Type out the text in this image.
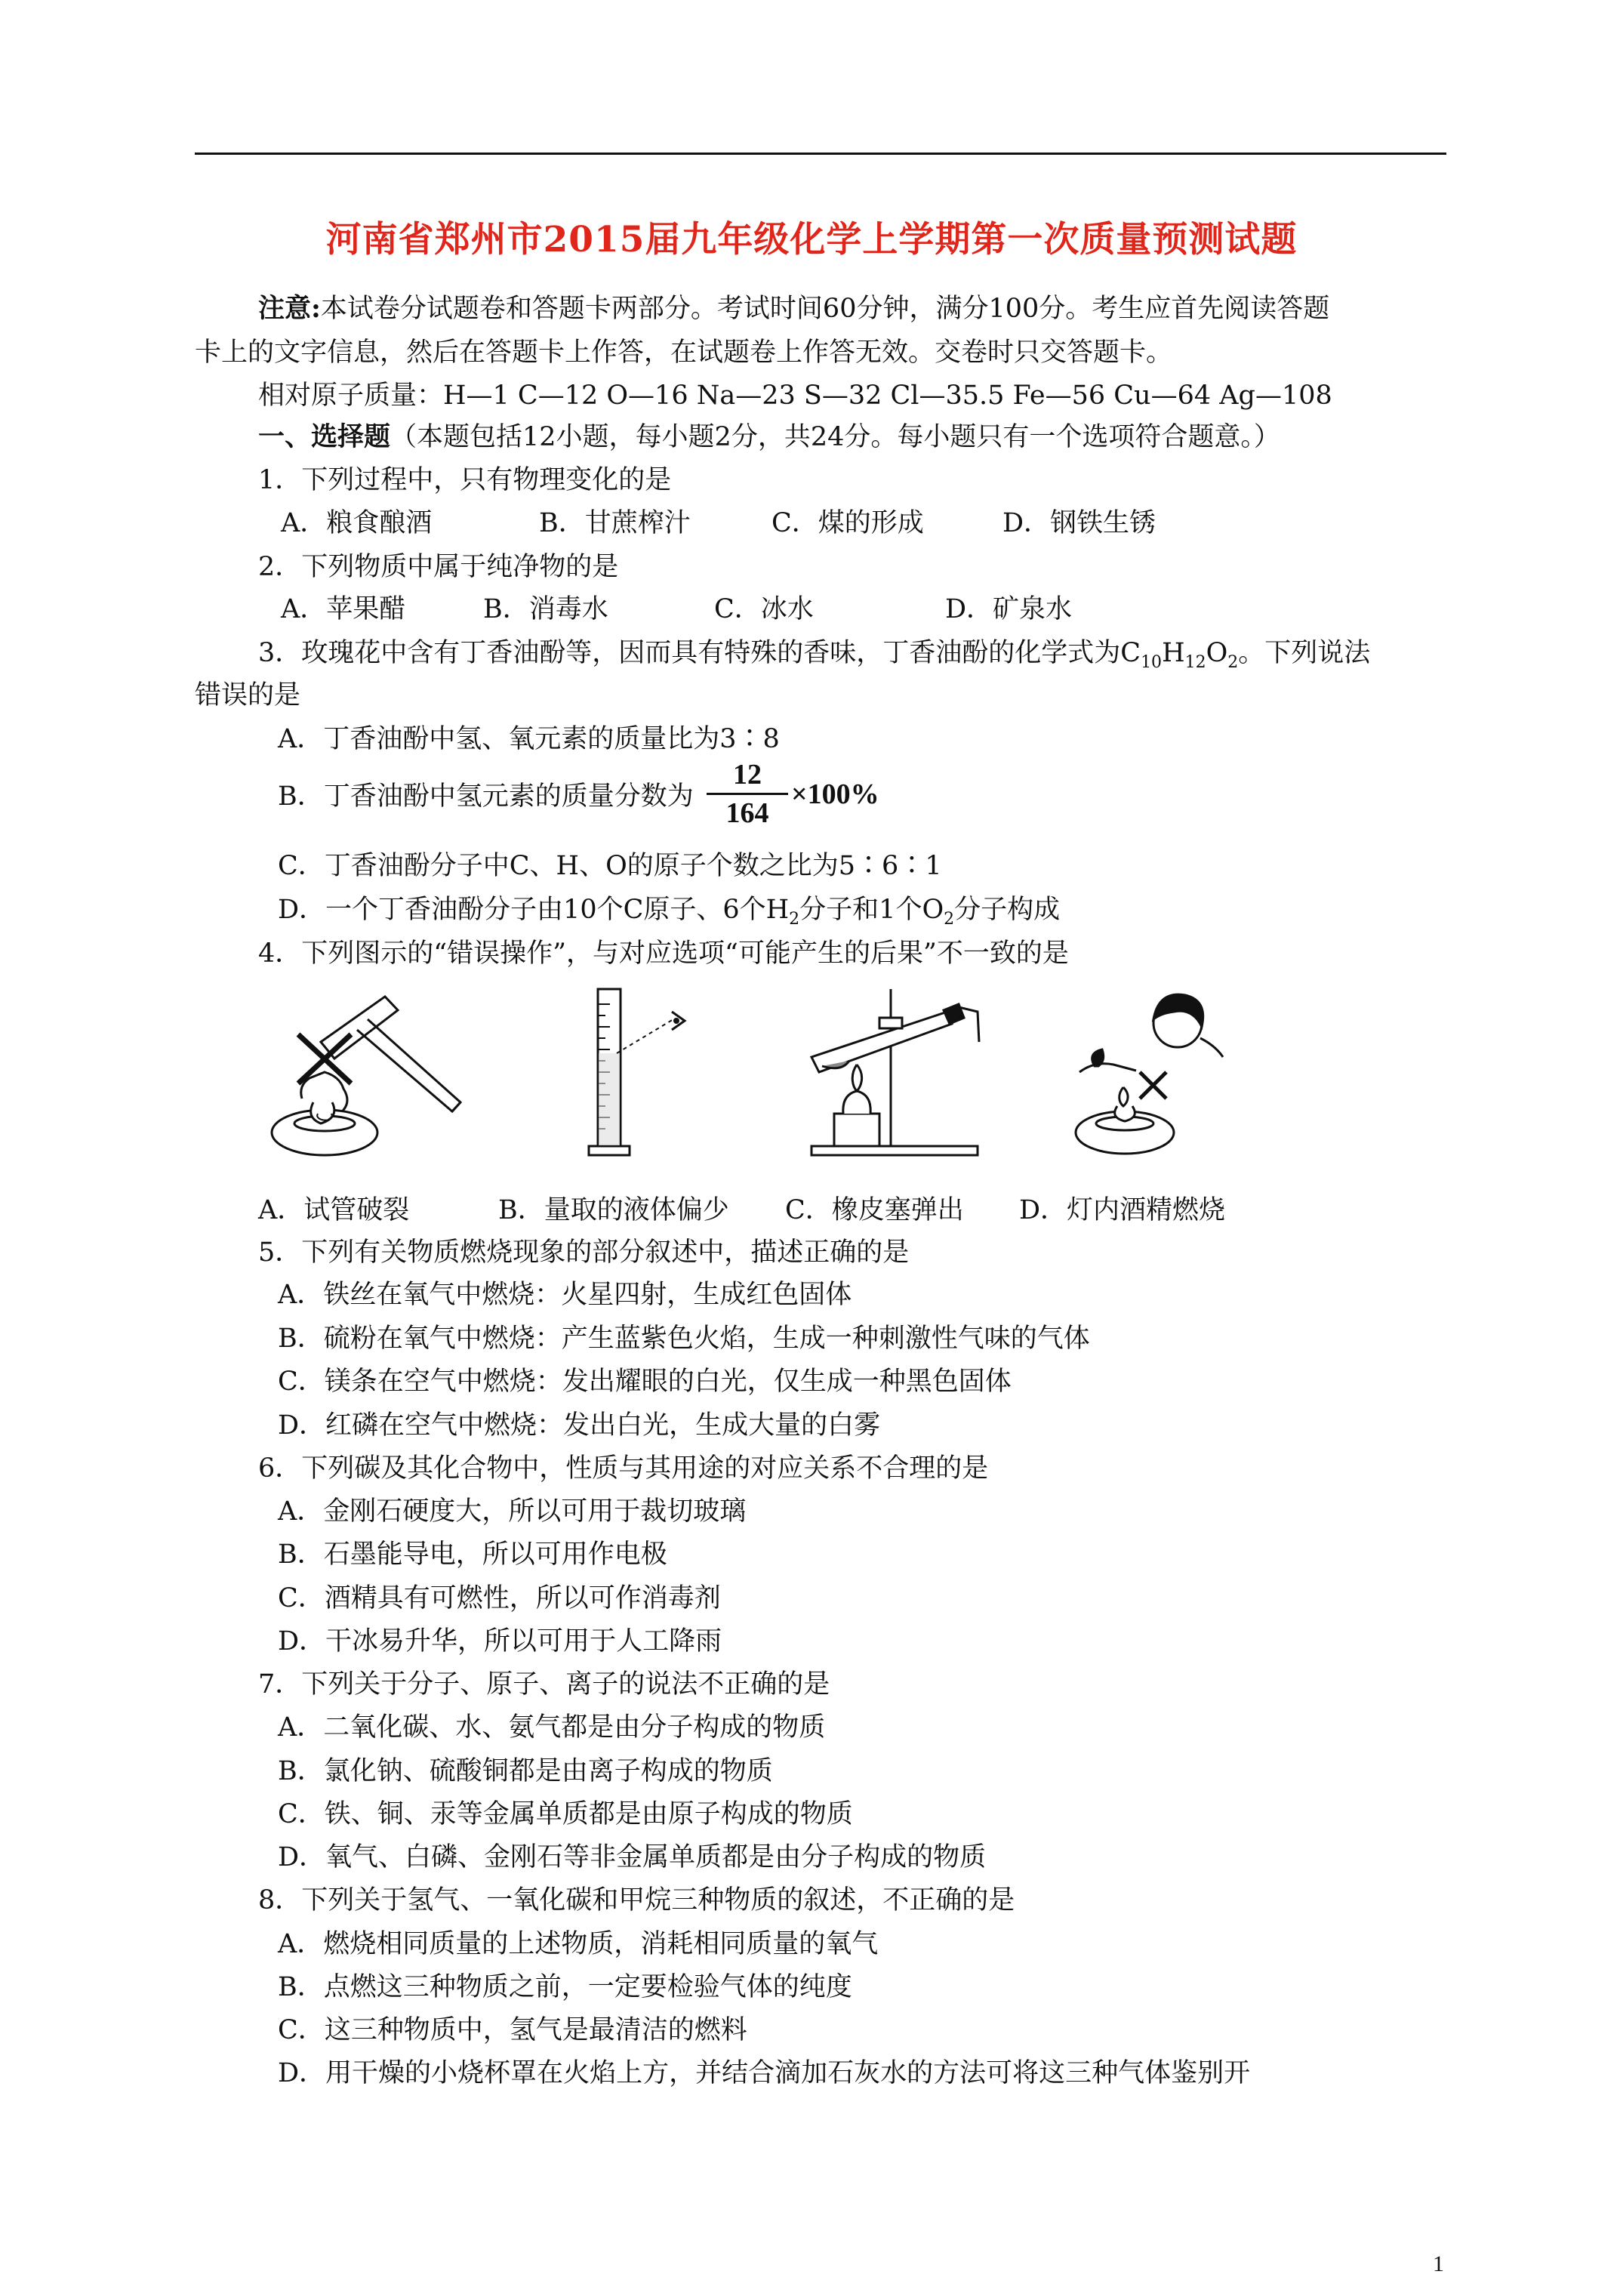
河南省郑州市2015届九年级化学上学期第一次质量预测试题
注意:本试卷分试题卷和答题卡两部分。考试时间60分钟，满分100分。考生应首先阅读答题
卡上的文字信息，然后在答题卡上作答，在试题卷上作答无效。交卷时只交答题卡。
相对原子质量：H—1 C—12 O—16 Na—23 S—32 Cl—35.5 Fe—56 Cu—64 Ag—108
一、选择题（本题包括12小题，每小题2分，共24分。每小题只有一个选项符合题意。）
1．下列过程中，只有物理变化的是
A．粮食酿酒	B．甘蔗榨汁	C．煤的形成	D．钢铁生锈
2．下列物质中属于纯净物的是
A．苹果醋	B．消毒水	C．冰水	D．矿泉水
3．玫瑰花中含有丁香油酚等，因而具有特殊的香味，丁香油酚的化学式为$C_{10}H_{12}O_2$。下列说法
错误的是
A．丁香油酚中氢、氧元素的质量比为3∶8
B．丁香油酚中氢元素的质量分数为
12
164
×100%
C．丁香油酚分子中C、H、O的原子个数之比为5∶6∶1
D．一个丁香油酚分子由10个C原子、6个$H_2$分子和1个$O_2$分子构成
4．下列图示的“错误操作”，与对应选项“可能产生的后果”不一致的是
A．试管破裂	B．量取的液体偏少 C．橡皮塞弹出 D．灯内酒精燃烧
5．下列有关物质燃烧现象的部分叙述中，描述正确的是
A．铁丝在氧气中燃烧：火星四射，生成红色固体
B．硫粉在氧气中燃烧：产生蓝紫色火焰，生成一种刺激性气味的气体
C．镁条在空气中燃烧：发出耀眼的白光，仅生成一种黑色固体
D．红磷在空气中燃烧：发出白光，生成大量的白雾
6．下列碳及其化合物中，性质与其用途的对应关系不合理的是
A．金刚石硬度大，所以可用于裁切玻璃
B．石墨能导电，所以可用作电极
C．酒精具有可燃性，所以可作消毒剂
D．干冰易升华，所以可用于人工降雨
7．下列关于分子、原子、离子的说法不正确的是
A．二氧化碳、水、氨气都是由分子构成的物质
B．氯化钠、硫酸铜都是由离子构成的物质
C．铁、铜、汞等金属单质都是由原子构成的物质
D．氧气、白磷、金刚石等非金属单质都是由分子构成的物质
8．下列关于氢气、一氧化碳和甲烷三种物质的叙述，不正确的是
A．燃烧相同质量的上述物质，消耗相同质量的氧气
B．点燃这三种物质之前，一定要检验气体的纯度
C．这三种物质中，氢气是最清洁的燃料
D．用干燥的小烧杯罩在火焰上方，并结合滴加石灰水的方法可将这三种气体鉴别开
1
